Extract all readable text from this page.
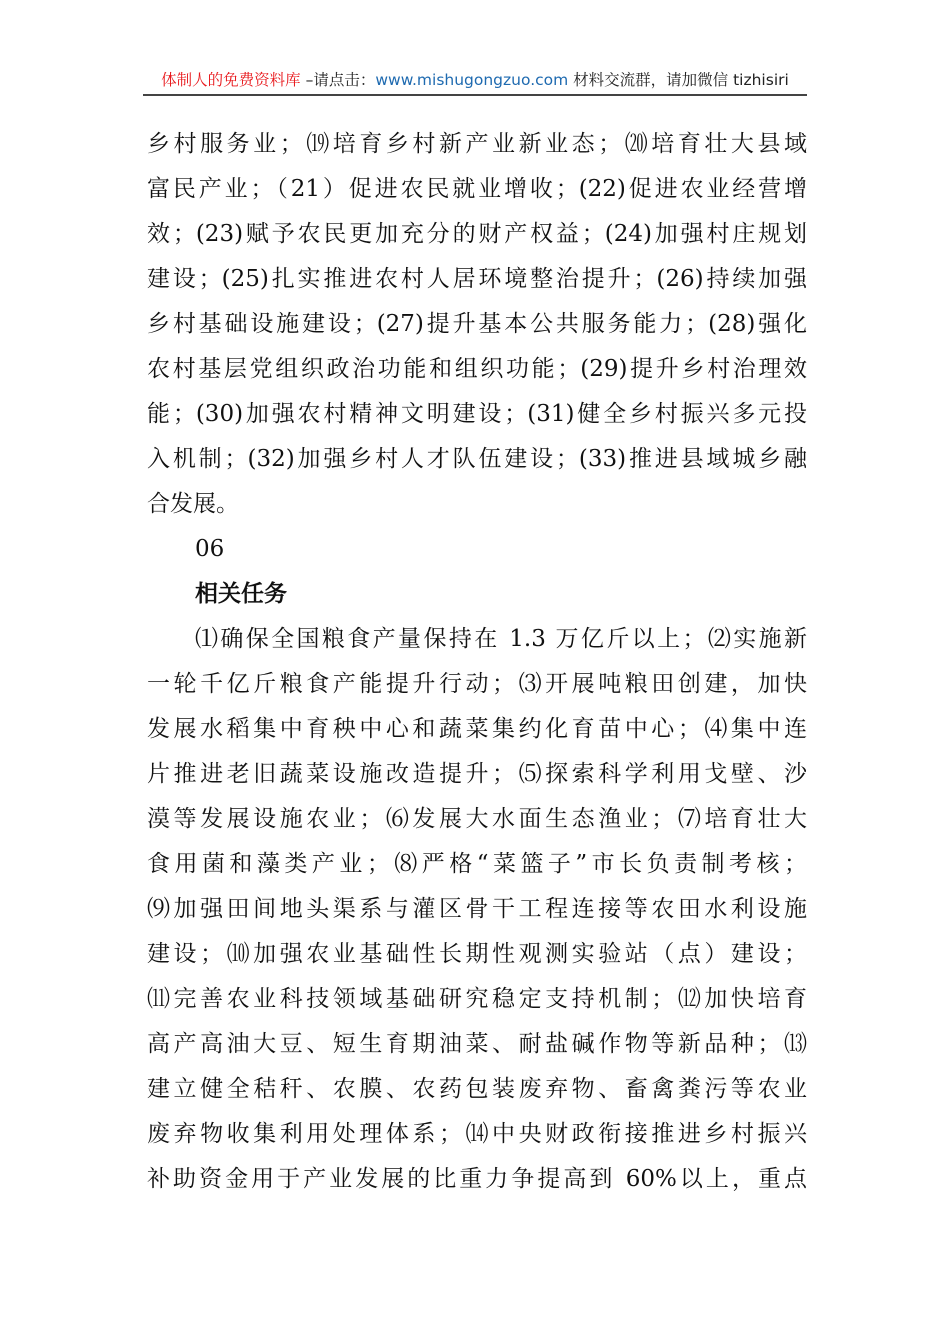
体制人的免费资料库 –请点击：www.mishugongzuo.com 材料交流群，请加微信 tizhisiri
乡村服务业；⒆培育乡村新产业新业态；⒇培育壮大县域
富民产业；（21）促进农民就业增收；(22)促进农业经营增
效；(23)赋予农民更加充分的财产权益；(24)加强村庄规划
建设；(25)扎实推进农村人居环境整治提升；(26)持续加强
乡村基础设施建设；(27)提升基本公共服务能力；(28)强化
农村基层党组织政治功能和组织功能；(29)提升乡村治理效
能；(30)加强农村精神文明建设；(31)健全乡村振兴多元投
入机制；(32)加强乡村人才队伍建设；(33)推进县域城乡融
合发展。
06
相关任务
⑴确保全国粮食产量保持在 1.3 万亿斤以上；⑵实施新
一轮千亿斤粮食产能提升行动；⑶开展吨粮田创建，加快
发展水稻集中育秧中心和蔬菜集约化育苗中心；⑷集中连
片推进老旧蔬菜设施改造提升；⑸探索科学利用戈壁、沙
漠等发展设施农业；⑹发展大水面生态渔业；⑺培育壮大
食用菌和藻类产业；⑻严格“菜篮子”市长负责制考核；
⑼加强田间地头渠系与灌区骨干工程连接等农田水利设施
建设；⑽加强农业基础性长期性观测实验站（点）建设；
⑾完善农业科技领域基础研究稳定支持机制；⑿加快培育
高产高油大豆、短生育期油菜、耐盐碱作物等新品种；⒀
建立健全秸秆、农膜、农药包装废弃物、畜禽粪污等农业
废弃物收集利用处理体系；⒁中央财政衔接推进乡村振兴
补助资金用于产业发展的比重力争提高到 60%以上，重点
